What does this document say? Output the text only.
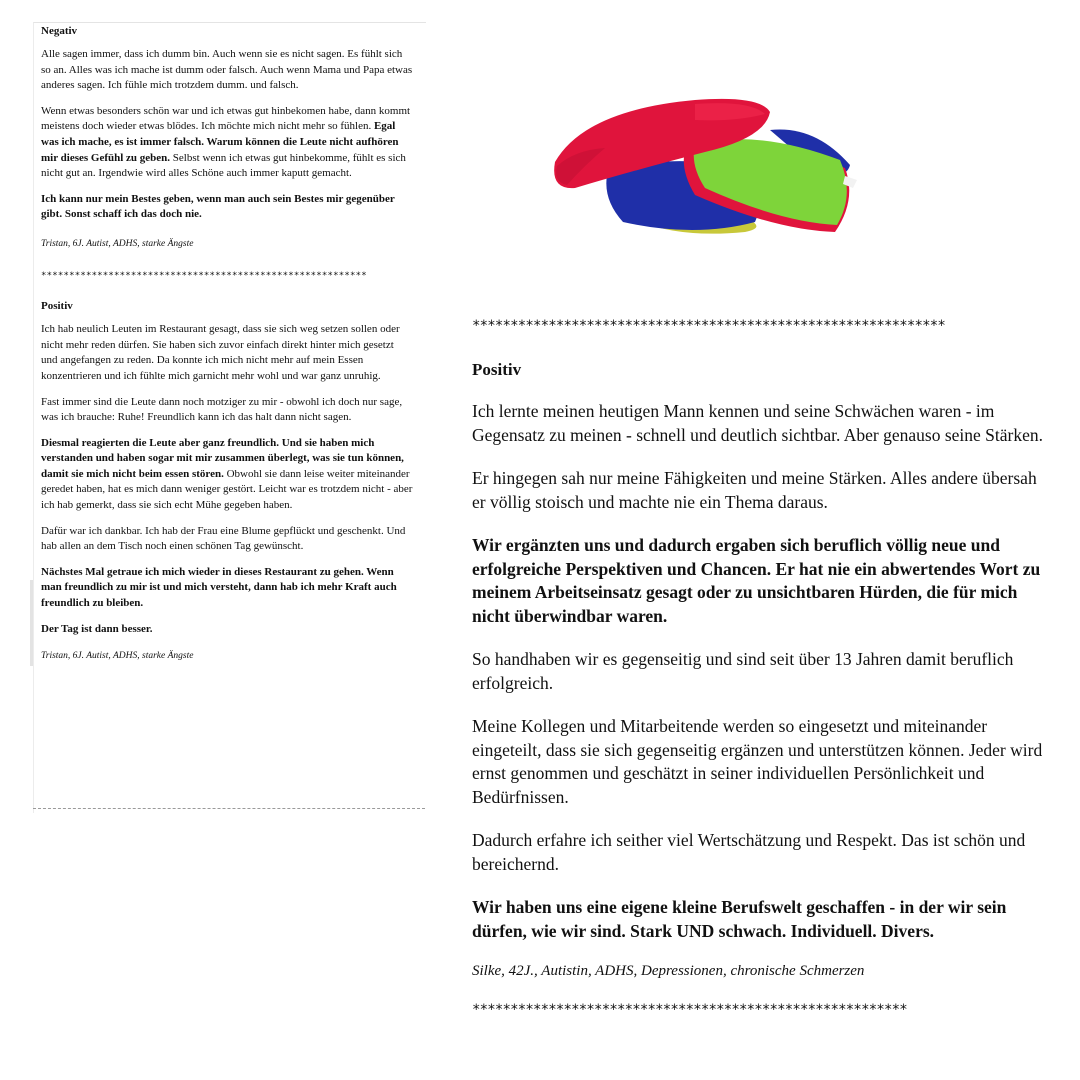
Negativ

Alle sagen immer, dass ich dumm bin. Auch wenn sie es nicht sagen. Es fühlt sich so an. Alles was ich mache ist dumm oder falsch. Auch wenn Mama und Papa etwas anderes sagen. Ich fühle mich trotzdem dumm. und falsch.

Wenn etwas besonders schön war und ich etwas gut hinbekomen habe, dann kommt meistens doch wieder etwas blödes. Ich möchte mich nicht mehr so fühlen. Egal was ich mache, es ist immer falsch. Warum können die Leute nicht aufhören mir dieses Gefühl zu geben. Selbst wenn ich etwas gut hinbekomme, fühlt es sich nicht gut an. Irgendwie wird alles Schöne auch immer kaputt gemacht.

Ich kann nur mein Bestes geben, wenn man auch sein Bestes mir gegenüber gibt. Sonst schaff ich das doch nie.

Tristan, 6J. Autist, ADHS, starke Ängste

**********************************************************

Positiv

Ich hab neulich Leuten im Restaurant gesagt, dass sie sich weg setzen sollen oder nicht mehr reden dürfen. Sie haben sich zuvor einfach direkt hinter mich gesetzt und angefangen zu reden. Da konnte ich mich nicht mehr auf mein Essen konzentrieren und ich fühlte mich garnicht mehr wohl und war ganz unruhig.

Fast immer sind die Leute dann noch motziger zu mir - obwohl ich doch nur sage, was ich brauche: Ruhe! Freundlich kann ich das halt dann nicht sagen.

Diesmal reagierten die Leute aber ganz freundlich. Und sie haben mich verstanden und haben sogar mit mir zusammen überlegt, was sie tun können, damit sie mich nicht beim essen stören. Obwohl sie dann leise weiter miteinander geredet haben, hat es mich dann weniger gestört. Leicht war es trotzdem nicht - aber ich hab gemerkt, dass sie sich echt Mühe gegeben haben.

Dafür war ich dankbar. Ich hab der Frau eine Blume gepflückt und geschenkt. Und hab allen an dem Tisch noch einen schönen Tag gewünscht.

Nächstes Mal getraue ich mich wieder in dieses Restaurant zu gehen. Wenn man freundlich zu mir ist und mich versteht, dann hab ich mehr Kraft auch freundlich zu bleiben.

Der Tag ist dann besser.

Tristan, 6J. Autist, ADHS, starke Ängste

**************************************************************
Positiv

Ich lernte meinen heutigen Mann kennen und seine Schwächen waren - im Gegensatz zu meinen - schnell und deutlich sichtbar. Aber genauso seine Stärken.

Er hingegen sah nur meine Fähigkeiten und meine Stärken. Alles andere übersah er völlig stoisch und machte nie ein Thema daraus.

Wir ergänzten uns und dadurch ergaben sich beruflich völlig neue und erfolgreiche Perspektiven und Chancen. Er hat nie ein abwertendes Wort zu meinem Arbeitseinsatz gesagt oder zu unsichtbaren Hürden, die für mich nicht überwindbar waren.

So handhaben wir es gegenseitig und sind seit über 13 Jahren damit beruflich erfolgreich.

Meine Kollegen und Mitarbeitende werden so eingesetzt und miteinander eingeteilt, dass sie sich gegenseitig ergänzen und unterstützen können. Jeder wird ernst genommen und geschätzt in seiner individuellen Persönlichkeit und Bedürfnissen.

Dadurch erfahre ich seither viel Wertschätzung und Respekt. Das ist schön und bereichernd.

Wir haben uns eine eigene kleine Berufswelt geschaffen - in der wir sein dürfen, wie wir sind. Stark UND schwach. Individuell. Divers.

Silke, 42J., Autistin, ADHS, Depressionen, chronische Schmerzen
*********************************************************
